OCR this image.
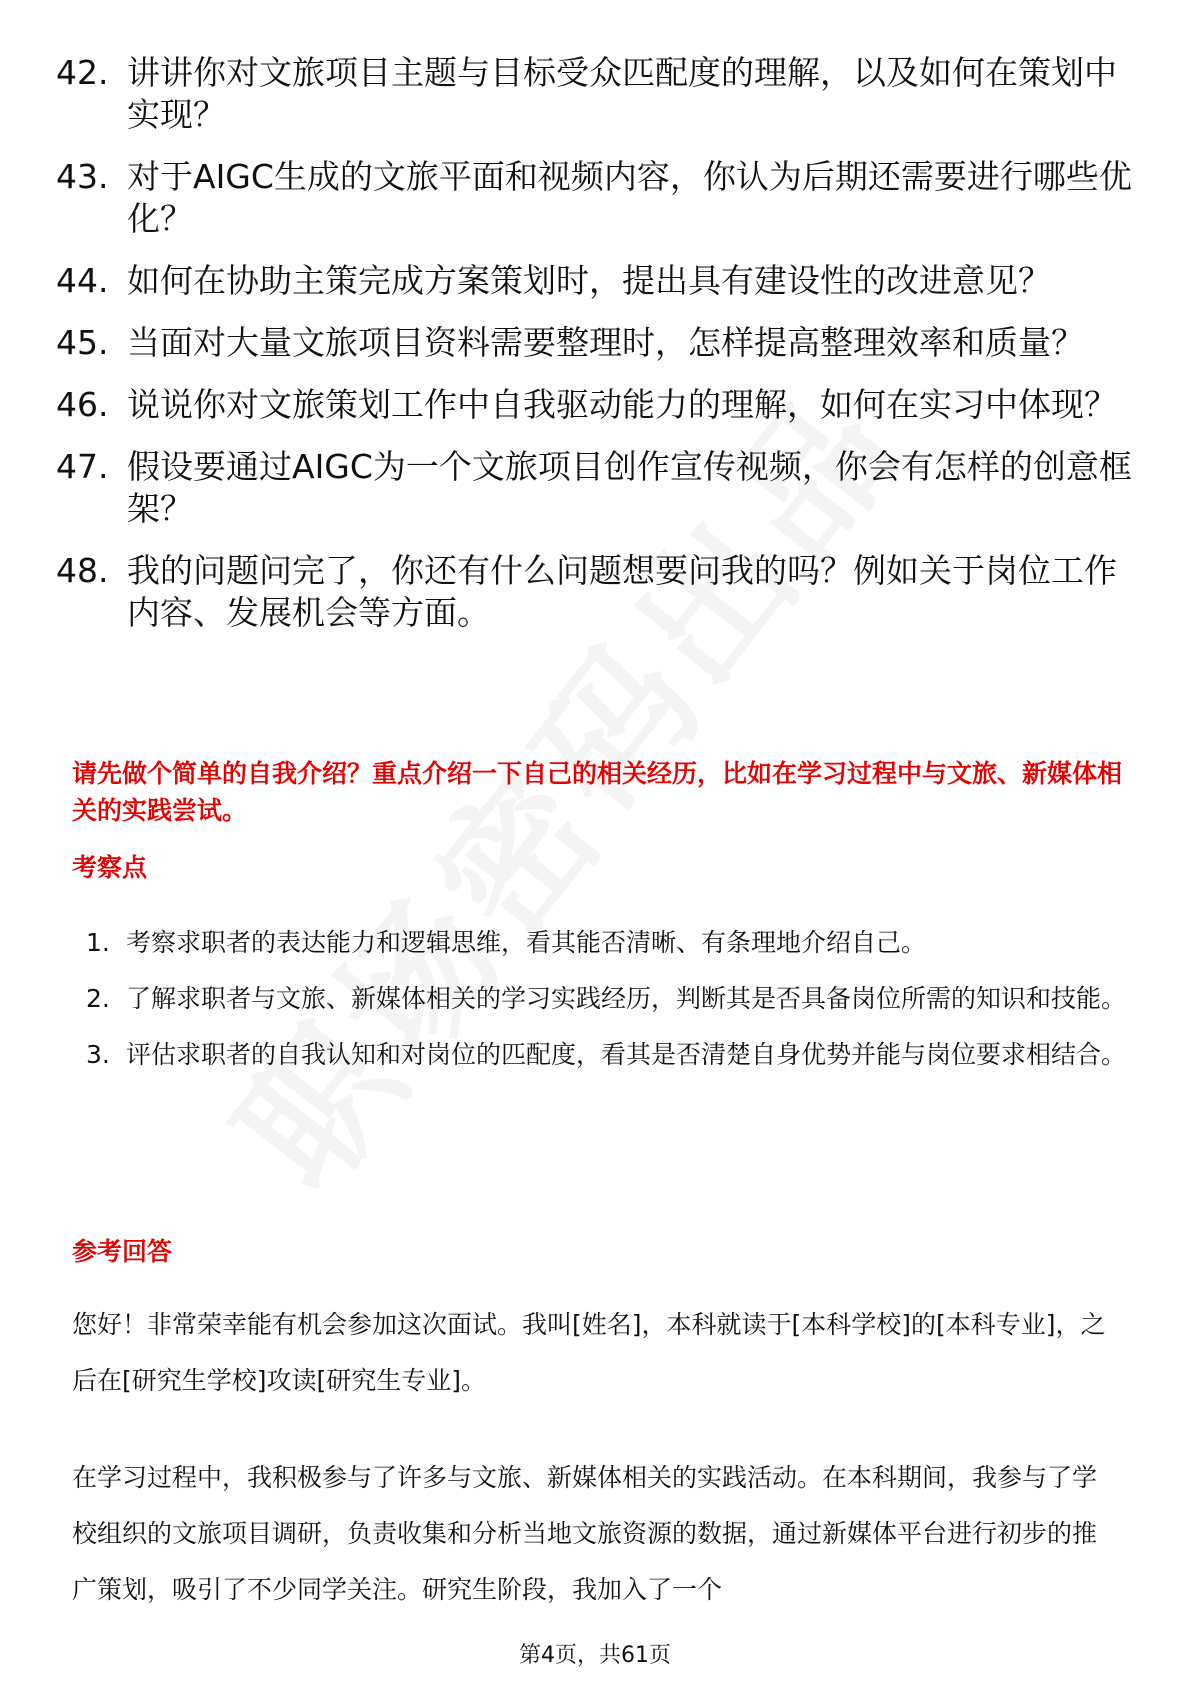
42. 讲讲你对文旅项目主题与目标受众匹配度的理解，以及如何在策划中实现？
43. 对于AIGC生成的文旅平面和视频内容，你认为后期还需要进行哪些优化？
44. 如何在协助主策完成方案策划时，提出具有建设性的改进意见？
45. 当面对大量文旅项目资料需要整理时，怎样提高整理效率和质量？
46. 说说你对文旅策划工作中自我驱动能力的理解，如何在实习中体现？
47. 假设要通过AIGC为一个文旅项目创作宣传视频，你会有怎样的创意框架？
48. 我的问题问完了，你还有什么问题想要问我的吗？例如关于岗位工作内容、发展机会等方面。
请先做个简单的自我介绍？重点介绍一下自己的相关经历，比如在学习过程中与文旅、新媒体相关的实践尝试。
考察点
1. 考察求职者的表达能力和逻辑思维，看其能否清晰、有条理地介绍自己。
2. 了解求职者与文旅、新媒体相关的学习实践经历，判断其是否具备岗位所需的知识和技能。
3. 评估求职者的自我认知和对岗位的匹配度，看其是否清楚自身优势并能与岗位要求相结合。
参考回答
您好！非常荣幸能有机会参加这次面试。我叫[姓名]，本科就读于[本科学校]的[本科专业]，之后在[研究生学校]攻读[研究生专业]。
在学习过程中，我积极参与了许多与文旅、新媒体相关的实践活动。在本科期间，我参与了学校组织的文旅项目调研，负责收集和分析当地文旅资源的数据，通过新媒体平台进行初步的推广策划，吸引了不少同学关注。研究生阶段，我加入了一个
第4页，共61页
